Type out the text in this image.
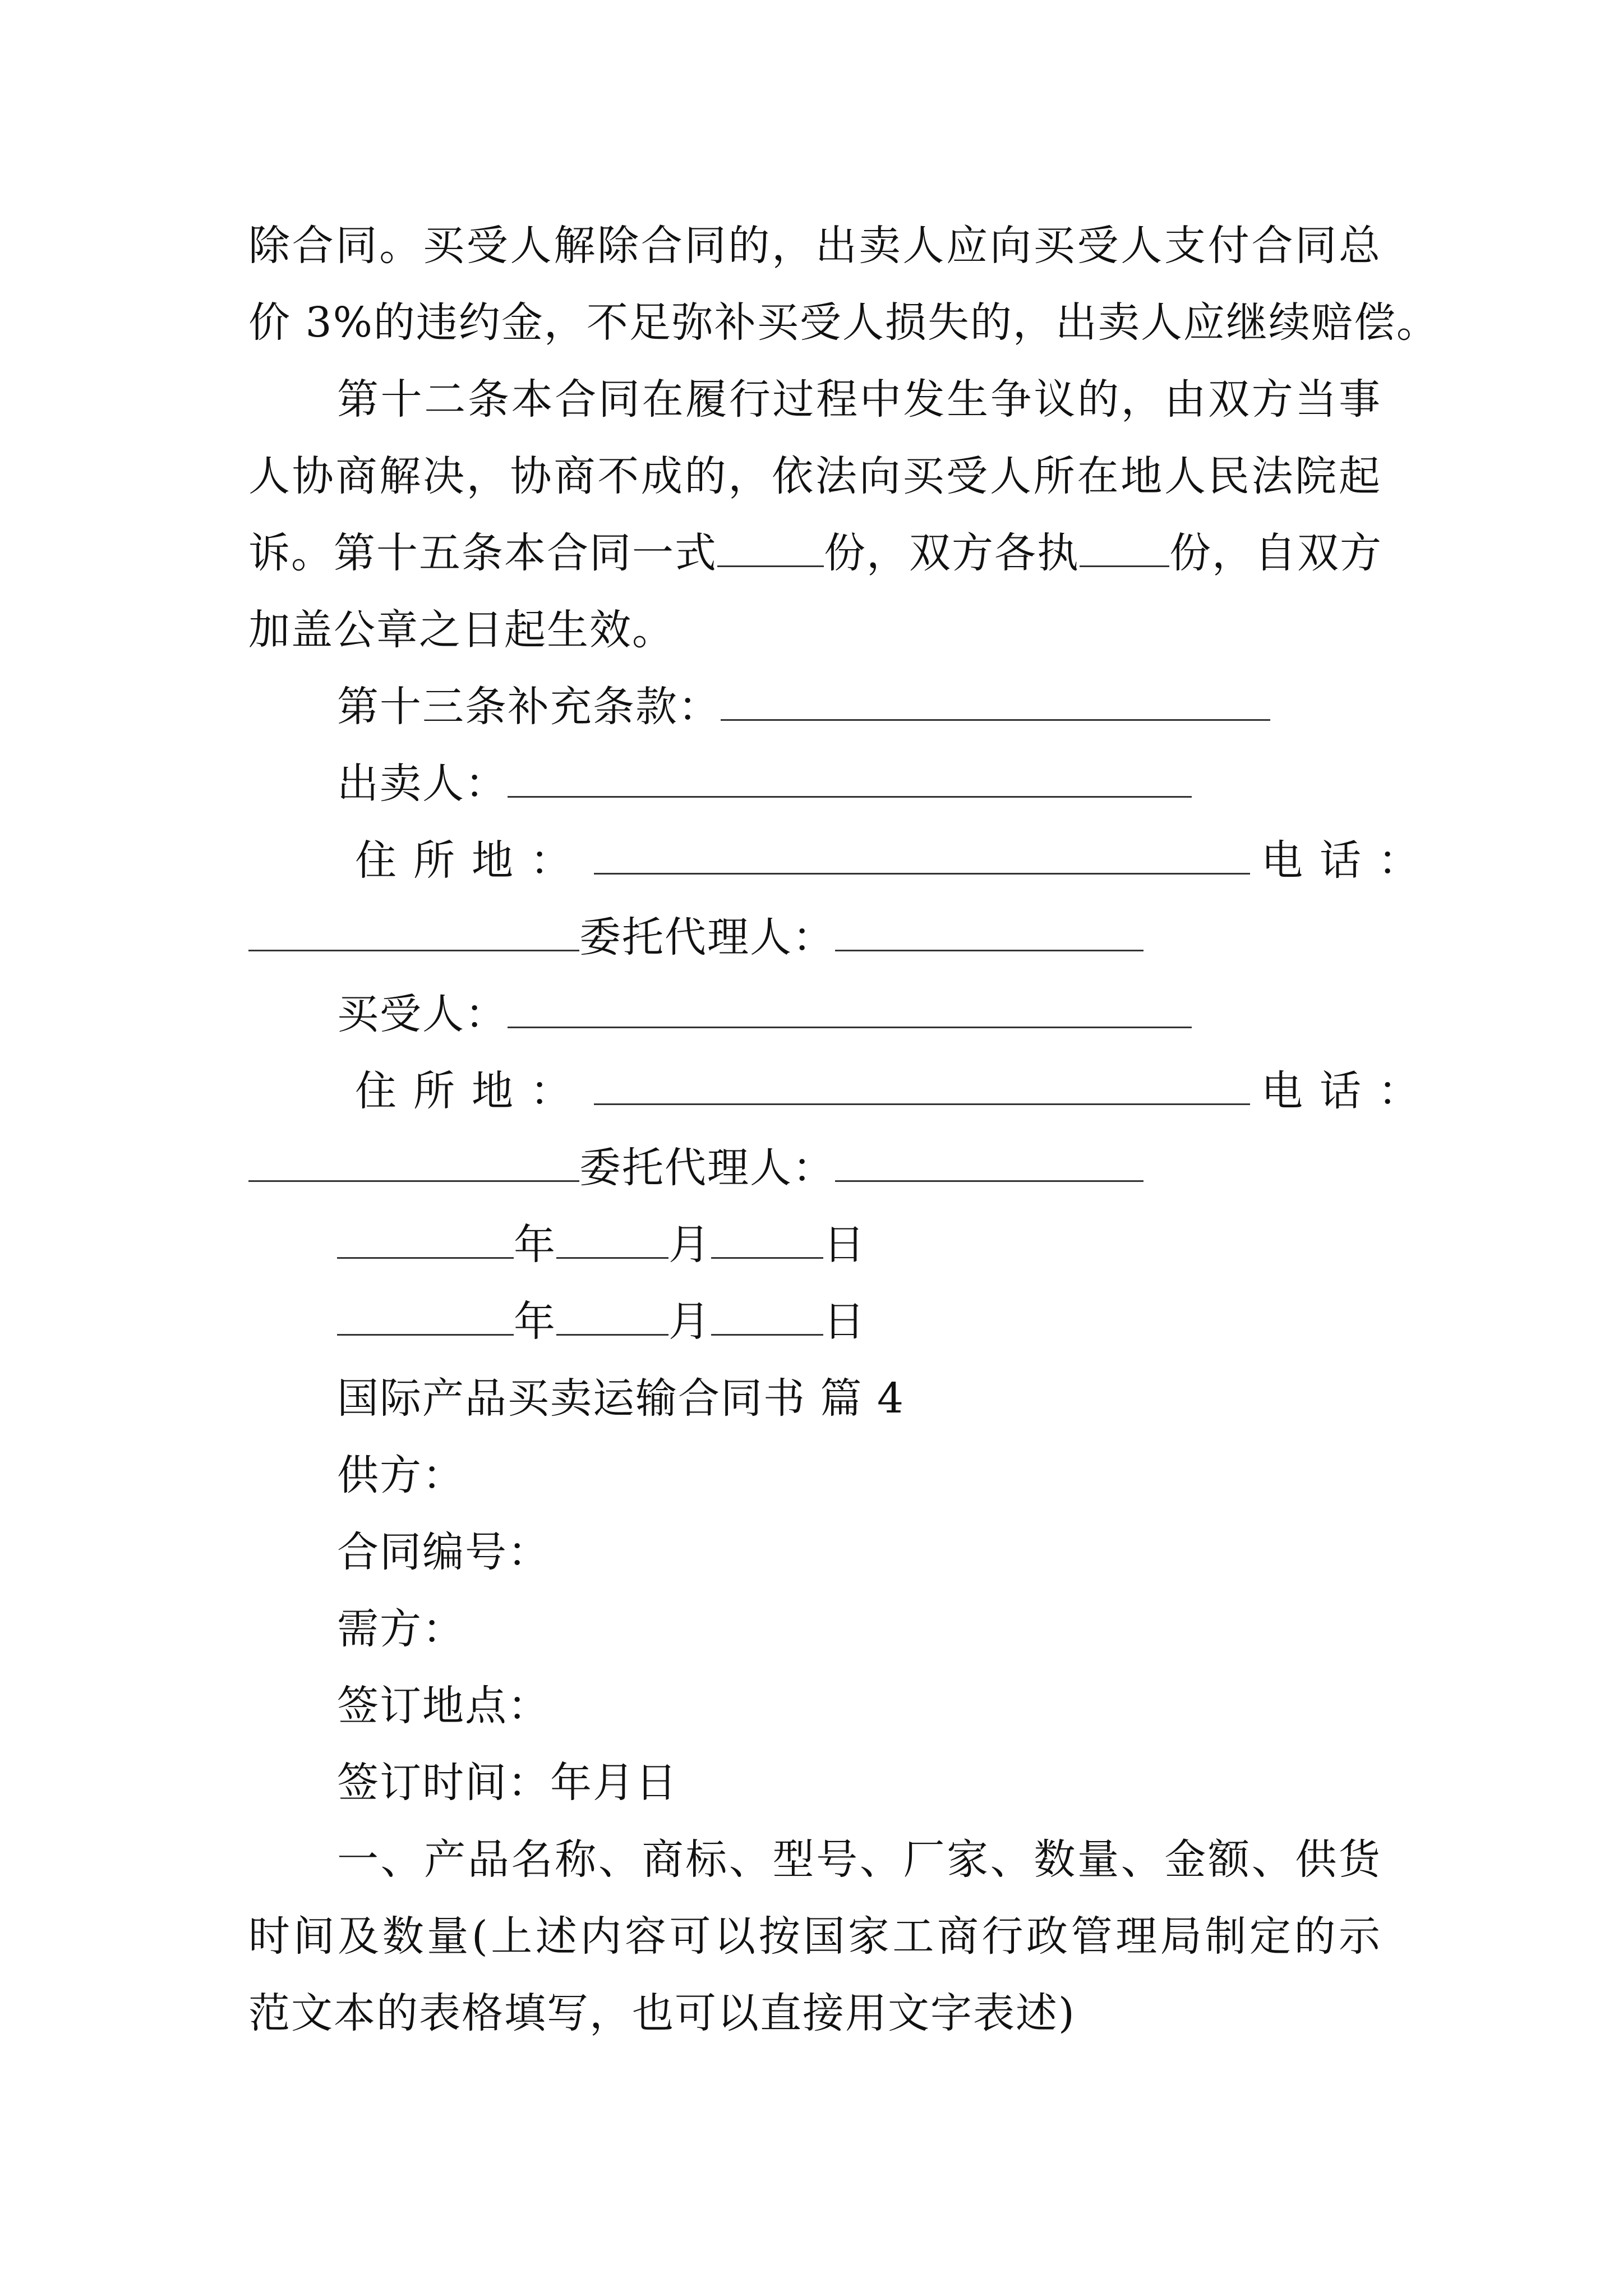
除合同。买受人解除合同的，出卖人应向买受人支付合同总
价 3%的违约金，不足弥补买受人损失的，出卖人应继续赔偿。
第十二条本合同在履行过程中发生争议的，由双方当事
人协商解决，协商不成的，依法向买受人所在地人民法院起
诉。第十五条本合同一式	份，双方各执 份，自双方
加盖公章之日起生效。
第十三条补充条款：
出卖人：
住所地：	电话：
委托代理人：
买受人：
住所地：	电话：
委托代理人：
年	月	日
年	月	日
国际产品买卖运输合同书 篇 4
供方：
合同编号：
需方：
签订地点：
签订时间：年月日
一、产品名称、商标、型号、厂家、数量、金额、供货
时间及数量(上述内容可以按国家工商行政管理局制定的示
范文本的表格填写，也可以直接用文字表述)
